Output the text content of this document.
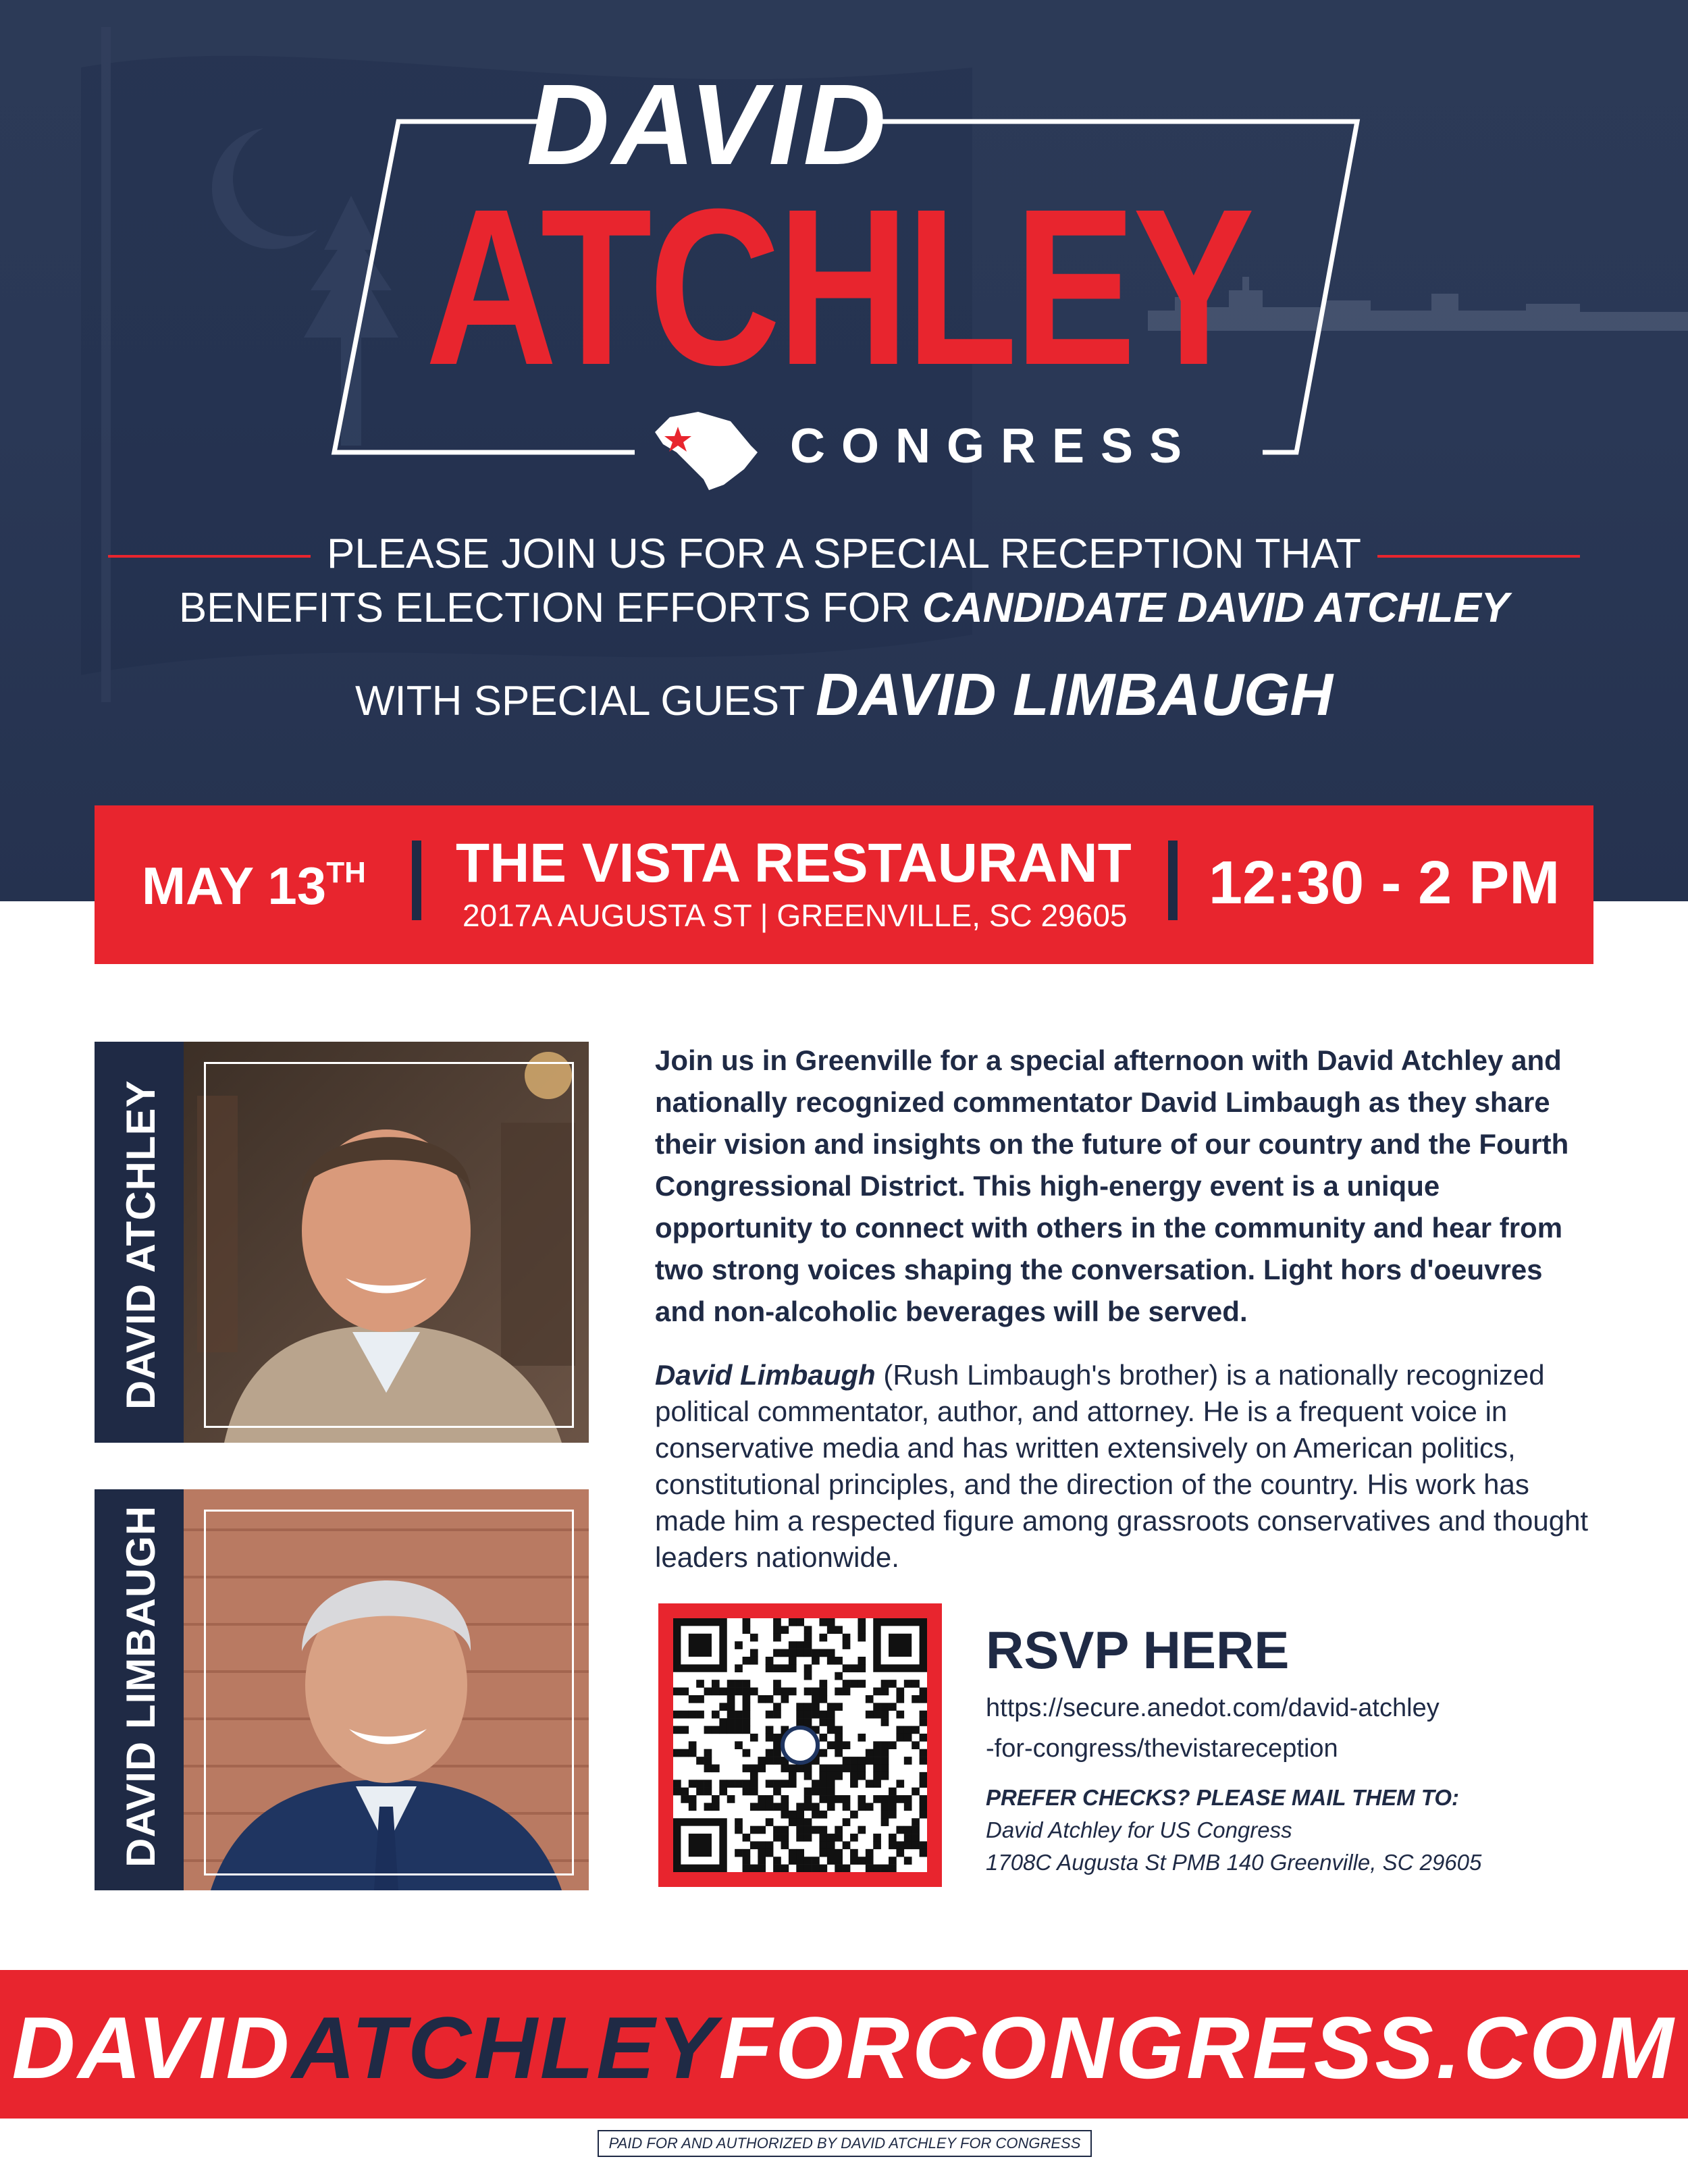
DAVID
ATCHLEY
CONGRESS
PLEASE JOIN US FOR A SPECIAL RECEPTION THAT
BENEFITS ELECTION EFFORTS FOR CANDIDATE DAVID ATCHLEY
WITH SPECIAL GUEST DAVID LIMBAUGH
MAY 13TH THE VISTA RESTAURANT
2017A AUGUSTA ST | GREENVILLE, SC 29605 12:30 - 2 PM
DAVID ATCHLEY
DAVID LIMBAUGH
Join us in Greenville for a special afternoon with David Atchley and nationally recognized commentator David Limbaugh as they share their vision and insights on the future of our country and the Fourth Congressional District. This high-energy event is a unique opportunity to connect with others in the community and hear from two strong voices shaping the conversation. Light hors d'oeuvres and non-alcoholic beverages will be served.
David Limbaugh (Rush Limbaugh's brother) is a nationally recognized political commentator, author, and attorney. He is a frequent voice in conservative media and has written extensively on American politics, constitutional principles, and the direction of the country. His work has made him a respected figure among grassroots conservatives and thought leaders nationwide.
RSVP HERE
https://secure.anedot.com/david-atchley
-for-congress/thevistareception
PREFER CHECKS? PLEASE MAIL THEM TO:
David Atchley for US Congress
1708C Augusta St PMB 140 Greenville, SC 29605
DAVIDATCHLEYFORCONGRESS.COM
PAID FOR AND AUTHORIZED BY DAVID ATCHLEY FOR CONGRESS
